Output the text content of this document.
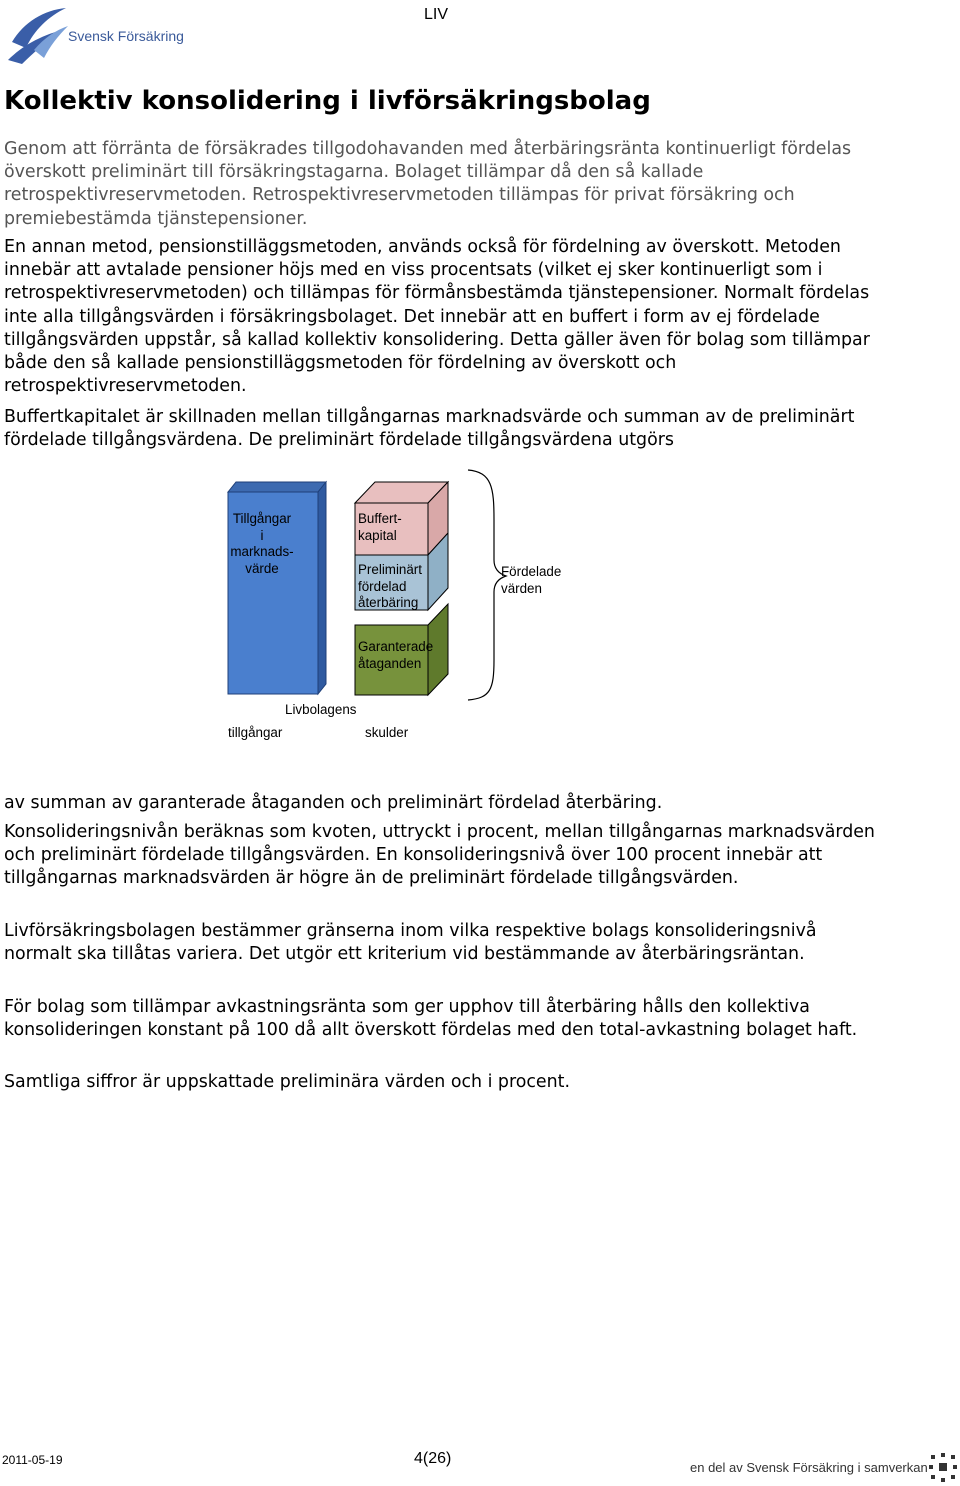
Svensk Försäkring
LIV
Kollektiv konsolidering i livförsäkringsbolag

Genom att förränta de försäkrades tillgodohavanden med återbäringsränta kontinuerligt fördelas överskott preliminärt till försäkringstagarna. Bolaget tillämpar då den så kallade retrospektivreservmetoden. Retrospektivreservmetoden tillämpas för privat försäkring och premiebestämda tjänstepensioner.

En annan metod, pensionstilläggsmetoden, används också för fördelning av överskott. Metoden innebär att avtalade pensioner höjs med en viss procentsats (vilket ej sker kontinuerligt som i retrospektivreservmetoden) och tillämpas för förmånsbestämda tjänstepensioner. Normalt fördelas inte alla tillgångsvärden i försäkringsbolaget. Det innebär att en buffert i form av ej fördelade tillgångsvärden uppstår, så kallad kollektiv konsolidering. Detta gäller även för bolag som tillämpar både den så kallade pensionstilläggsmetoden för fördelning av överskott och retrospektivreservmetoden.

Buffertkapitalet är skillnaden mellan tillgångarnas marknadsvärde och summan av de preliminärt fördelade tillgångsvärdena. De preliminärt fördelade tillgångsvärdena utgörs

Tillgångar
i
marknads-
värde
Buffert-
kapital
Preliminärt
fördelad
återbäring
Garanterade
åtaganden
Fördelade
värden
Livbolagens
tillgångar	skulder

av summan av garanterade åtaganden och preliminärt fördelad återbäring.

Konsolideringsnivån beräknas som kvoten, uttryckt i procent, mellan tillgångarnas marknadsvärden och preliminärt fördelade tillgångsvärden. En konsolideringsnivå över 100 procent innebär att tillgångarnas marknadsvärden är högre än de preliminärt fördelade tillgångsvärden.

Livförsäkringsbolagen bestämmer gränserna inom vilka respektive bolags konsolideringsnivå normalt ska tillåtas variera. Det utgör ett kriterium vid bestämmande av återbäringsräntan.

För bolag som tillämpar avkastningsränta som ger upphov till återbäring hålls den kollektiva konsolideringen konstant på 100 då allt överskott fördelas med den total-avkastning bolaget haft.

Samtliga siffror är uppskattade preliminära värden och i procent.

2011-05-19	4(26)
en del av Svensk Försäkring i samverkan
